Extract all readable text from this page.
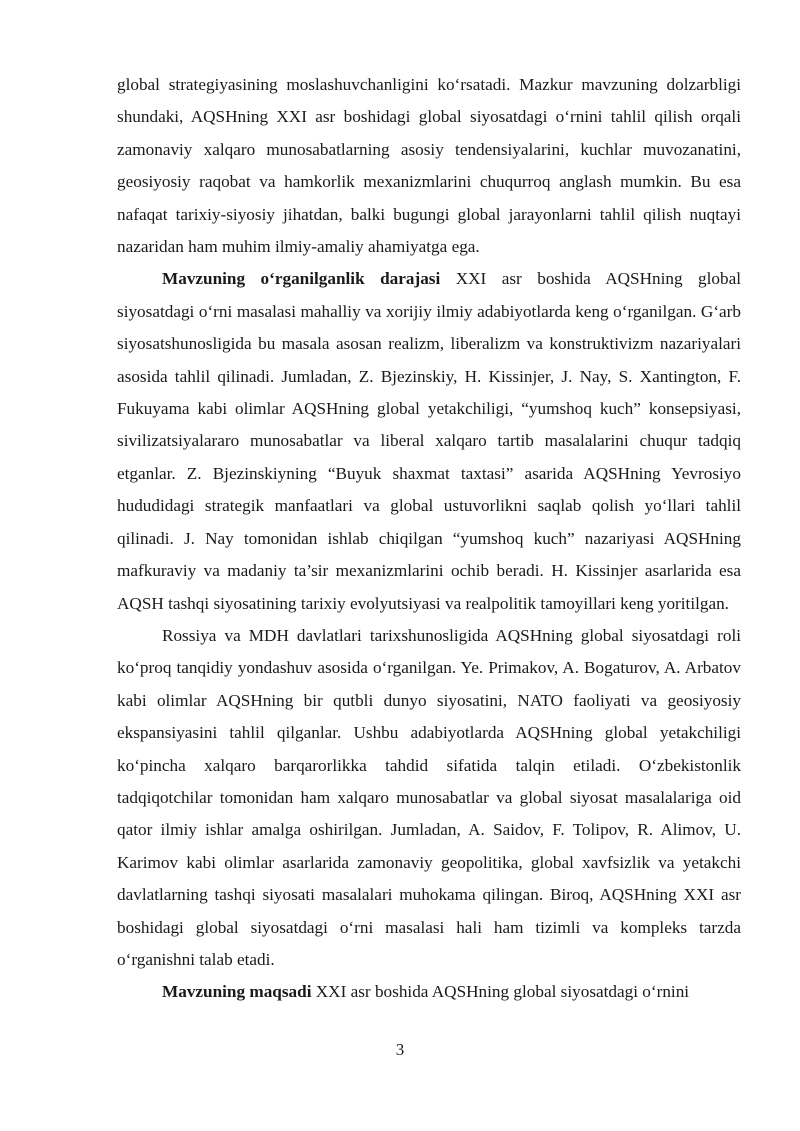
global strategiyasining moslashuvchanligini ko‘rsatadi. Mazkur mavzuning dolzarbligi shundaki, AQSHning XXI asr boshidagi global siyosatdagi o‘rnini tahlil qilish orqali zamonaviy xalqaro munosabatlarning asosiy tendensiyalarini, kuchlar muvozanatini, geosiyosiy raqobat va hamkorlik mexanizmlarini chuqurroq anglash mumkin. Bu esa nafaqat tarixiy-siyosiy jihatdan, balki bugungi global jarayonlarni tahlil qilish nuqtayi nazaridan ham muhim ilmiy-amaliy ahamiyatga ega.

Mavzuning o‘rganilganlik darajasi XXI asr boshida AQSHning global siyosatdagi o‘rni masalasi mahalliy va xorijiy ilmiy adabiyotlarda keng o‘rganilgan. G‘arb siyosatshunosligida bu masala asosan realizm, liberalizm va konstruktivizm nazariyalari asosida tahlil qilinadi. Jumladan, Z. Bjezinskiy, H. Kissinjer, J. Nay, S. Xantington, F. Fukuyama kabi olimlar AQSHning global yetakchiligi, “yumshoq kuch” konsepsiyasi, sivilizatsiyalararo munosabatlar va liberal xalqaro tartib masalalarini chuqur tadqiq etganlar. Z. Bjezinskiyning “Buyuk shaxmat taxtasi” asarida AQSHning Yevrosiyo hududidagi strategik manfaatlari va global ustuvorlikni saqlab qolish yo‘llari tahlil qilinadi. J. Nay tomonidan ishlab chiqilgan “yumshoq kuch” nazariyasi AQSHning mafkuraviy va madaniy ta’sir mexanizmlarini ochib beradi. H. Kissinjer asarlarida esa AQSH tashqi siyosatining tarixiy evolyutsiyasi va realpolitik tamoyillari keng yoritilgan.

Rossiya va MDH davlatlari tarixshunosligida AQSHning global siyosatdagi roli ko‘proq tanqidiy yondashuv asosida o‘rganilgan. Ye. Primakov, A. Bogaturov, A. Arbatov kabi olimlar AQSHning bir qutbli dunyo siyosatini, NATO faoliyati va geosiyosiy ekspansiyasini tahlil qilganlar. Ushbu adabiyotlarda AQSHning global yetakchiligi ko‘pincha xalqaro barqarorlikka tahdid sifatida talqin etiladi. O‘zbekistonlik tadqiqotchilar tomonidan ham xalqaro munosabatlar va global siyosat masalalariga oid qator ilmiy ishlar amalga oshirilgan. Jumladan, A. Saidov, F. Tolipov, R. Alimov, U. Karimov kabi olimlar asarlarida zamonaviy geopolitika, global xavfsizlik va yetakchi davlatlarning tashqi siyosati masalalari muhokama qilingan. Biroq, AQSHning XXI asr boshidagi global siyosatdagi o‘rni masalasi hali ham tizimli va kompleks tarzda o‘rganishni talab etadi.

Mavzuning maqsadi XXI asr boshida AQSHning global siyosatdagi o‘rnini

3
